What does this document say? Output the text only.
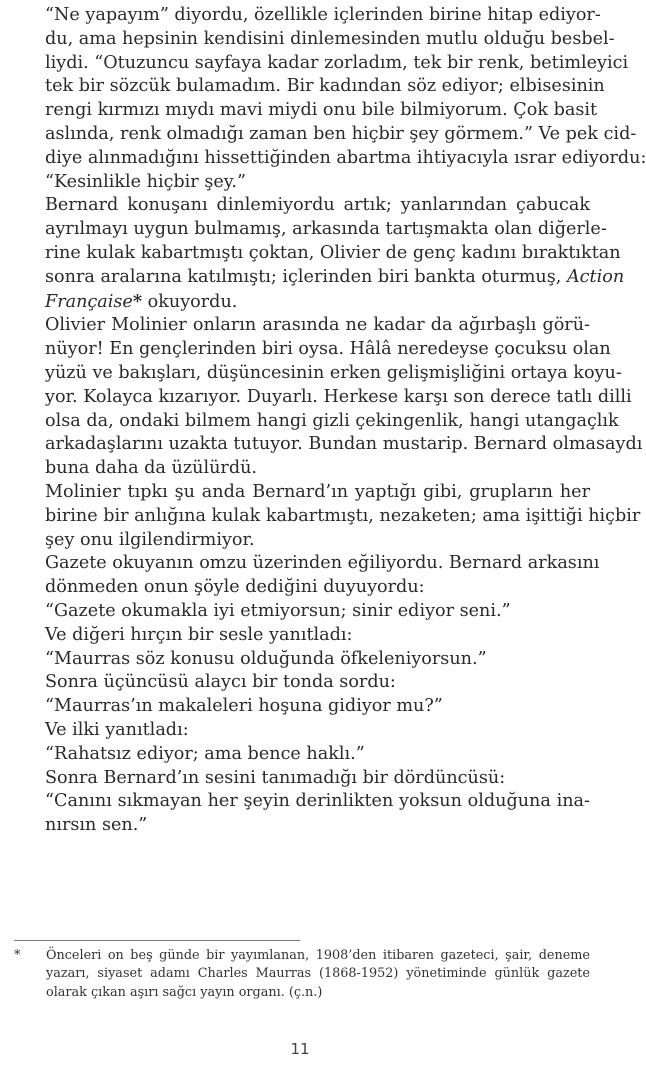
“Ne yapayım” diyordu, özellikle içlerinden birine hitap ediyor-
du, ama hepsinin kendisini dinlemesinden mutlu olduğu besbel-
liydi. “Otuzuncu sayfaya kadar zorladım, tek bir renk, betimleyici
tek bir sözcük bulamadım. Bir kadından söz ediyor; elbisesinin
rengi kırmızı mıydı mavi miydi onu bile bilmiyorum. Çok basit
aslında, renk olmadığı zaman ben hiçbir şey görmem.” Ve pek cid-
diye alınmadığını hissettiğinden abartma ihtiyacıyla ısrar ediyordu:
“Kesinlikle hiçbir şey.”
Bernard konuşanı dinlemiyordu artık; yanlarından çabucak
ayrılmayı uygun bulmamış, arkasında tartışmakta olan diğerle-
rine kulak kabartmıştı çoktan, Olivier de genç kadını bıraktıktan
sonra aralarına katılmıştı; içlerinden biri bankta oturmuş, Action
Française* okuyordu.
Olivier Molinier onların arasında ne kadar da ağırbaşlı görü-
nüyor! En gençlerinden biri oysa. Hâlâ neredeyse çocuksu olan
yüzü ve bakışları, düşüncesinin erken gelişmişliğini ortaya koyu-
yor. Kolayca kızarıyor. Duyarlı. Herkese karşı son derece tatlı dilli
olsa da, ondaki bilmem hangi gizli çekingenlik, hangi utangaçlık
arkadaşlarını uzakta tutuyor. Bundan mustarip. Bernard olmasaydı
buna daha da üzülürdü.
Molinier tıpkı şu anda Bernard’ın yaptığı gibi, grupların her
birine bir anlığına kulak kabartmıştı, nezaketen; ama işittiği hiçbir
şey onu ilgilendirmiyor.
Gazete okuyanın omzu üzerinden eğiliyordu. Bernard arkasını
dönmeden onun şöyle dediğini duyuyordu:
“Gazete okumakla iyi etmiyorsun; sinir ediyor seni.”
Ve diğeri hırçın bir sesle yanıtladı:
“Maurras söz konusu olduğunda öfkeleniyorsun.”
Sonra üçüncüsü alaycı bir tonda sordu:
“Maurras’ın makaleleri hoşuna gidiyor mu?”
Ve ilki yanıtladı:
“Rahatsız ediyor; ama bence haklı.”
Sonra Bernard’ın sesini tanımadığı bir dördüncüsü:
“Canını sıkmayan her şeyin derinlikten yoksun olduğuna ina-
nırsın sen.”
* Önceleri on beş günde bir yayımlanan, 1908’den itibaren gazeteci, şair, deneme
yazarı, siyaset adamı Charles Maurras (1868-1952) yönetiminde günlük gazete
olarak çıkan aşırı sağcı yayın organı. (ç.n.)
11
